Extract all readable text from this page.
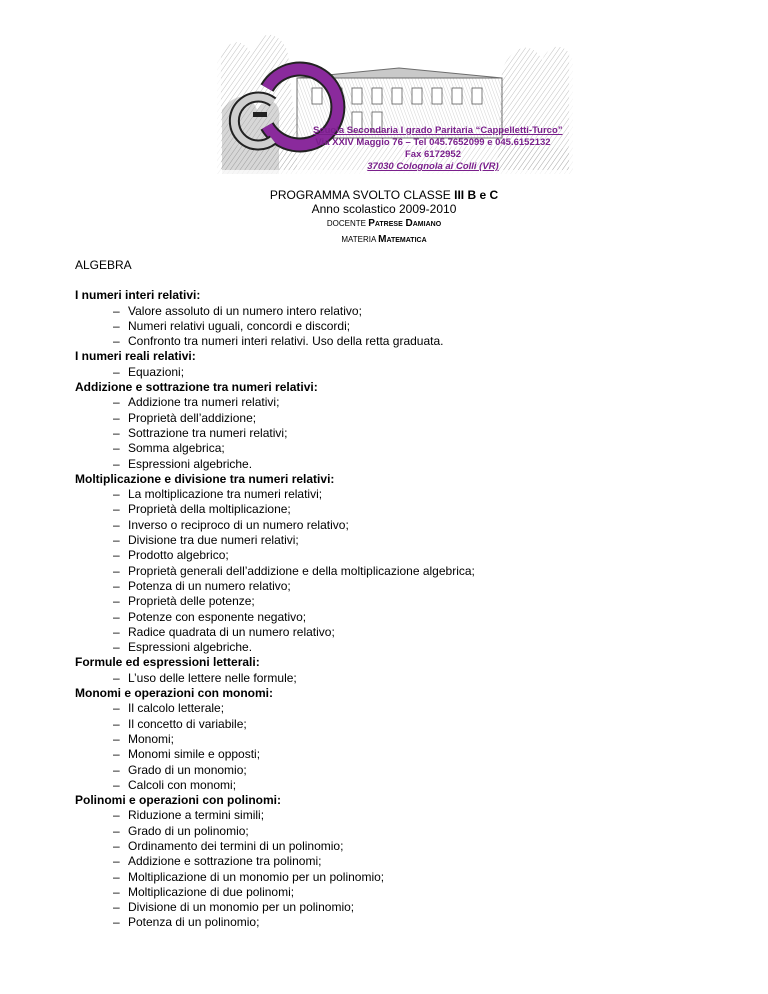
Scuola Secondaria I grado Paritaria “Cappelletti-Turco”
Via XXIV Maggio 76 – Tel 045.7652099 e 045.6152132
Fax 6172952
37030 Colognola ai Colli (VR)
PROGRAMMA SVOLTO CLASSE III B e C
Anno scolastico 2009-2010
DOCENTE Patrese Damiano
MATERIA Matematica
ALGEBRA
I numeri interi relativi:
– Valore assoluto di un numero intero relativo;
– Numeri relativi uguali, concordi e discordi;
– Confronto tra numeri interi relativi. Uso della retta graduata.
I numeri reali relativi:
– Equazioni;
Addizione e sottrazione tra numeri relativi:
– Addizione tra numeri relativi;
– Proprietà dell’addizione;
– Sottrazione tra numeri relativi;
– Somma algebrica;
– Espressioni algebriche.
Moltiplicazione e divisione tra numeri relativi:
– La moltiplicazione tra numeri relativi;
– Proprietà della moltiplicazione;
– Inverso o reciproco di un numero relativo;
– Divisione tra due numeri relativi;
– Prodotto algebrico;
– Proprietà generali dell’addizione e della moltiplicazione algebrica;
– Potenza di un numero relativo;
– Proprietà delle potenze;
– Potenze con esponente negativo;
– Radice quadrata di un numero relativo;
– Espressioni algebriche.
Formule ed espressioni letterali:
– L’uso delle lettere nelle formule;
Monomi e operazioni con monomi:
– Il calcolo letterale;
– Il concetto di variabile;
– Monomi;
– Monomi simile e opposti;
– Grado di un monomio;
– Calcoli con monomi;
Polinomi e operazioni con polinomi:
– Riduzione a termini simili;
– Grado di un polinomio;
– Ordinamento dei termini di un polinomio;
– Addizione e sottrazione tra polinomi;
– Moltiplicazione di un monomio per un polinomio;
– Moltiplicazione di due polinomi;
– Divisione di un monomio per un polinomio;
– Potenza di un polinomio;
